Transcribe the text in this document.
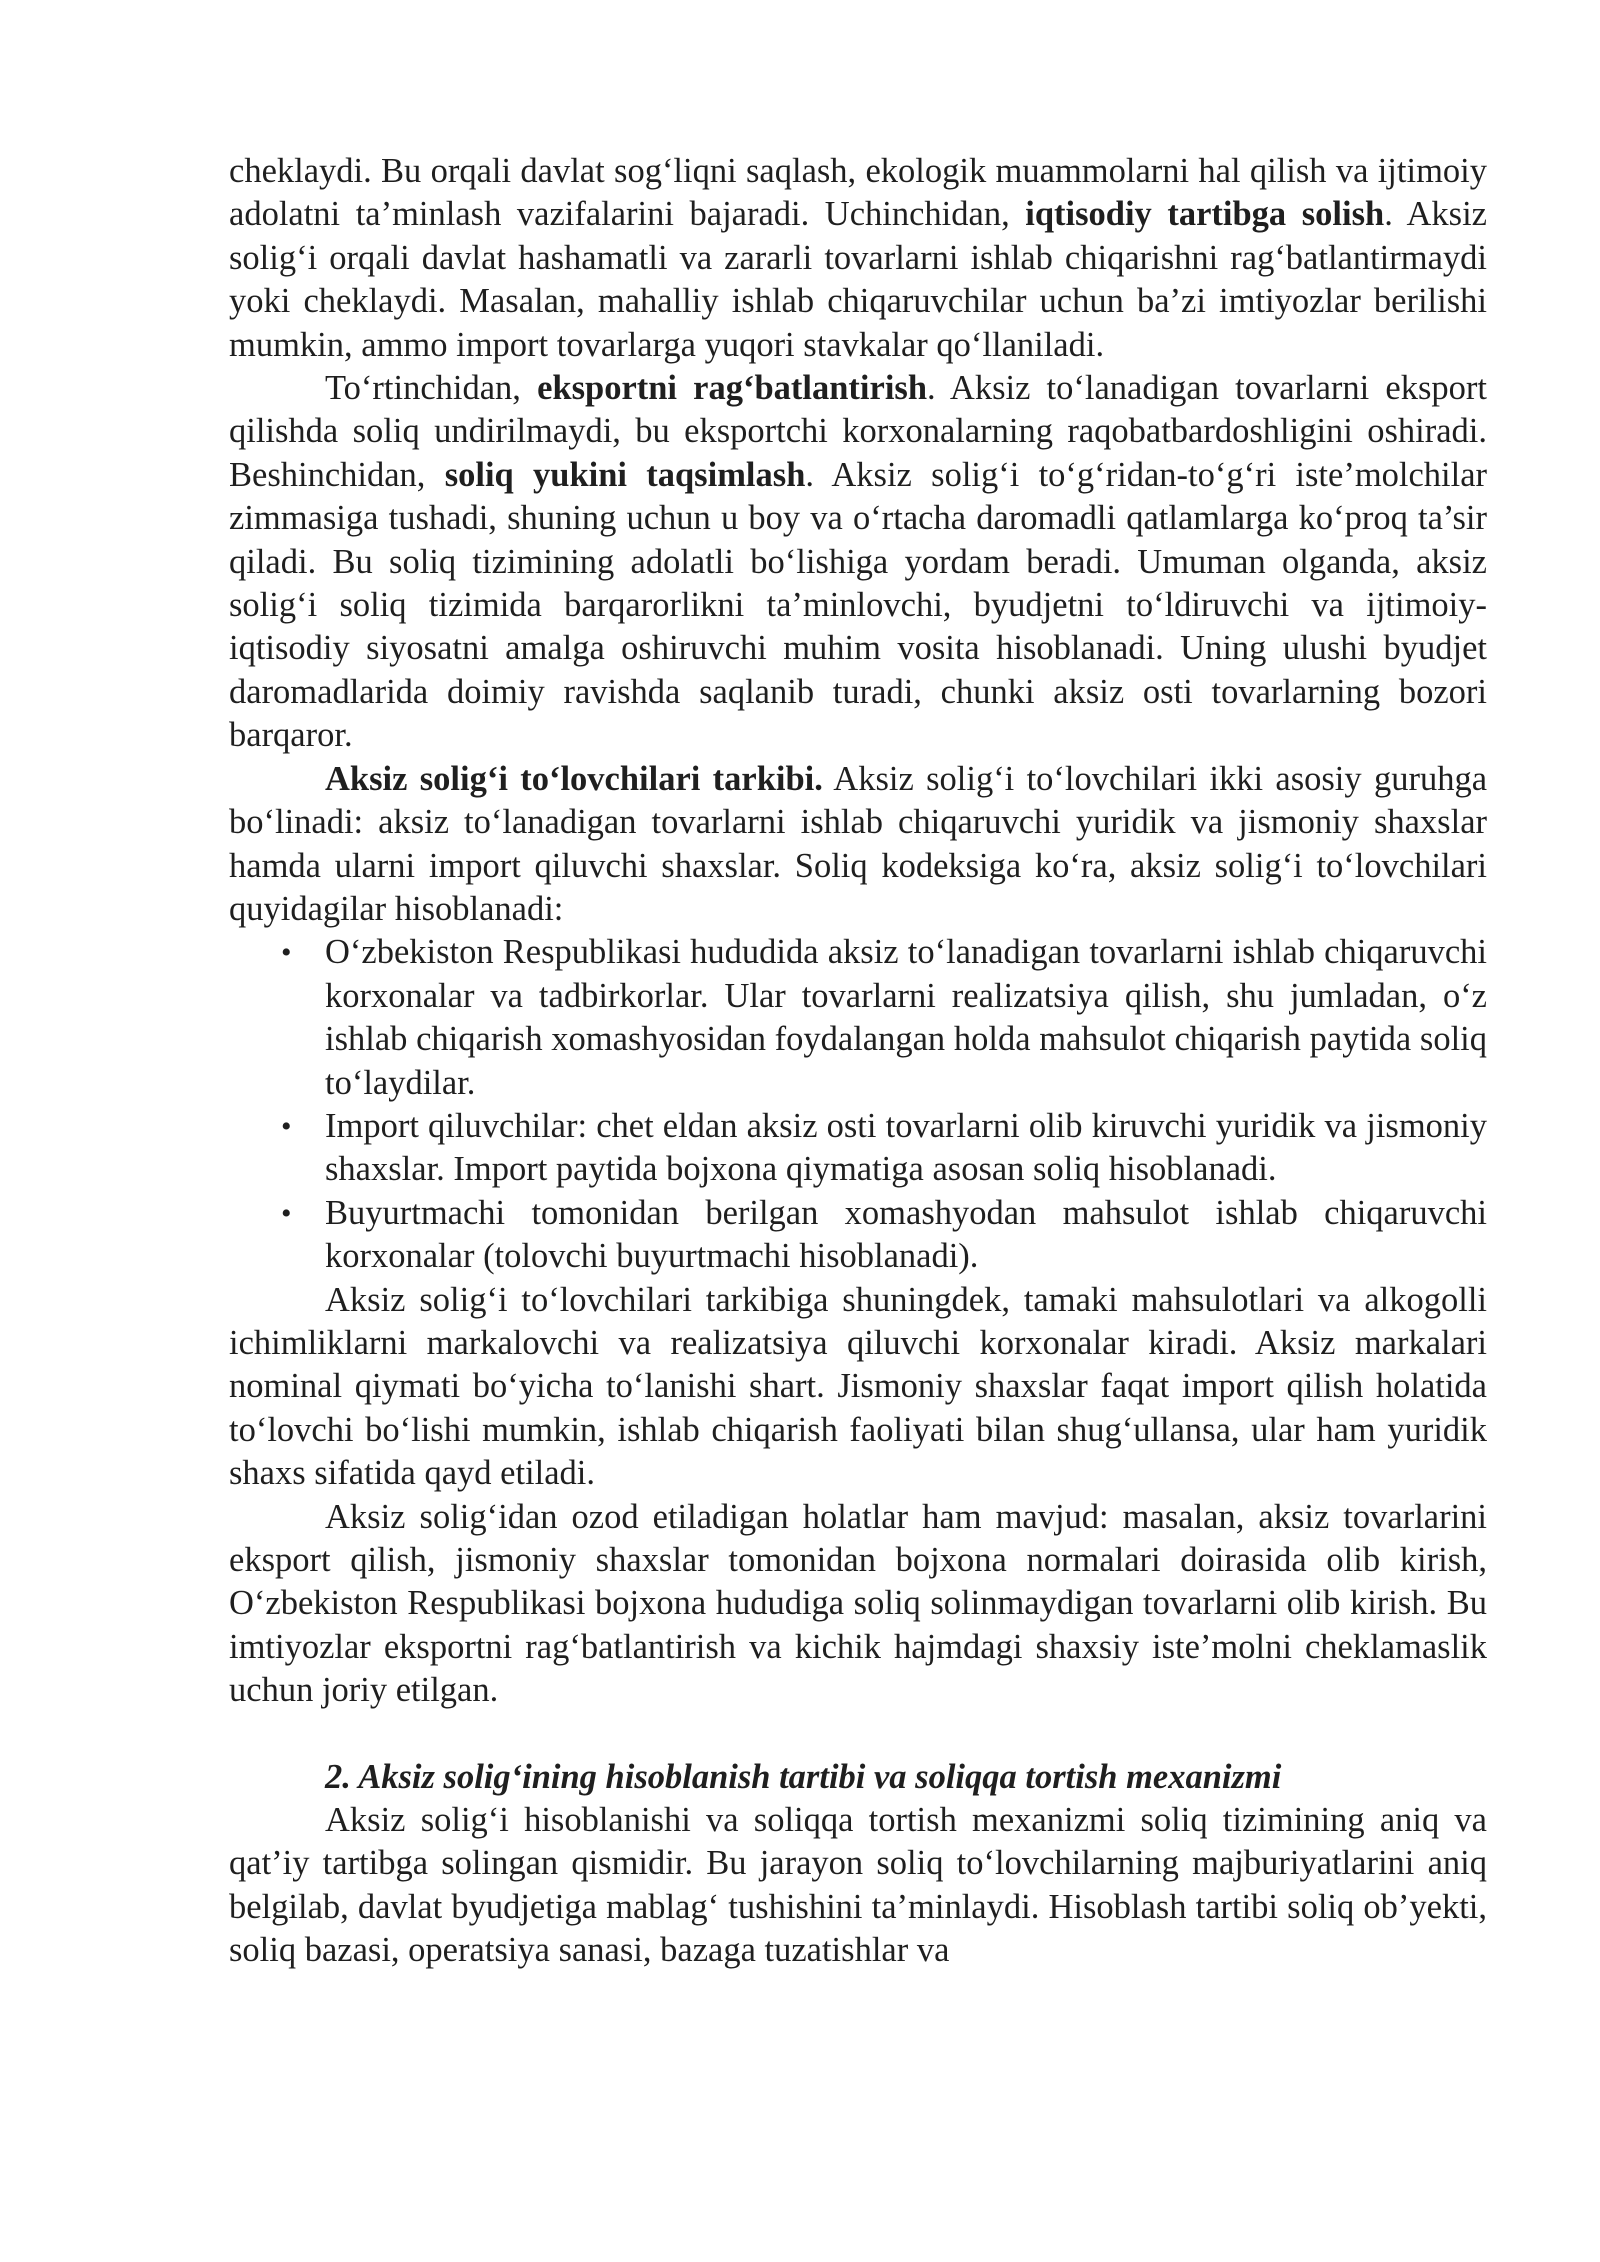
cheklaydi. Bu orqali davlat sog‘liqni saqlash, ekologik muammolarni hal qilish va ijtimoiy adolatni ta’minlash vazifalarini bajaradi. Uchinchidan, iqtisodiy tartibga solish. Aksiz solig‘i orqali davlat hashamatli va zararli tovarlarni ishlab chiqarishni rag‘batlantirmaydi yoki cheklaydi. Masalan, mahalliy ishlab chiqaruvchilar uchun ba’zi imtiyozlar berilishi mumkin, ammo import tovarlarga yuqori stavkalar qo‘llaniladi.

To‘rtinchidan, eksportni rag‘batlantirish. Aksiz to‘lanadigan tovarlarni eksport qilishda soliq undirilmaydi, bu eksportchi korxonalarning raqobatbardoshligini oshiradi. Beshinchidan, soliq yukini taqsimlash. Aksiz solig‘i to‘g‘ridan-to‘g‘ri iste’molchilar zimmasiga tushadi, shuning uchun u boy va o‘rtacha daromadli qatlamlarga ko‘proq ta’sir qiladi. Bu soliq tizimining adolatli bo‘lishiga yordam beradi. Umuman olganda, aksiz solig‘i soliq tizimida barqarorlikni ta’minlovchi, byudjetni to‘ldiruvchi va ijtimoiy-iqtisodiy siyosatni amalga oshiruvchi muhim vosita hisoblanadi. Uning ulushi byudjet daromadlarida doimiy ravishda saqlanib turadi, chunki aksiz osti tovarlarning bozori barqaror.

Aksiz solig‘i to‘lovchilari tarkibi. Aksiz solig‘i to‘lovchilari ikki asosiy guruhga bo‘linadi: aksiz to‘lanadigan tovarlarni ishlab chiqaruvchi yuridik va jismoniy shaxslar hamda ularni import qiluvchi shaxslar. Soliq kodeksiga ko‘ra, aksiz solig‘i to‘lovchilari quyidagilar hisoblanadi:

• O‘zbekiston Respublikasi hududida aksiz to‘lanadigan tovarlarni ishlab chiqaruvchi korxonalar va tadbirkorlar. Ular tovarlarni realizatsiya qilish, shu jumladan, o‘z ishlab chiqarish xomashyosidan foydalangan holda mahsulot chiqarish paytida soliq to‘laydilar.
• Import qiluvchilar: chet eldan aksiz osti tovarlarni olib kiruvchi yuridik va jismoniy shaxslar. Import paytida bojxona qiymatiga asosan soliq hisoblanadi.
• Buyurtmachi tomonidan berilgan xomashyodan mahsulot ishlab chiqaruvchi korxonalar (tolovchi buyurtmachi hisoblanadi).

Aksiz solig‘i to‘lovchilari tarkibiga shuningdek, tamaki mahsulotlari va alkogolli ichimliklarni markalovchi va realizatsiya qiluvchi korxonalar kiradi. Aksiz markalari nominal qiymati bo‘yicha to‘lanishi shart. Jismoniy shaxslar faqat import qilish holatida to‘lovchi bo‘lishi mumkin, ishlab chiqarish faoliyati bilan shug‘ullansa, ular ham yuridik shaxs sifatida qayd etiladi.

Aksiz solig‘idan ozod etiladigan holatlar ham mavjud: masalan, aksiz tovarlarini eksport qilish, jismoniy shaxslar tomonidan bojxona normalari doirasida olib kirish, O‘zbekiston Respublikasi bojxona hududiga soliq solinmaydigan tovarlarni olib kirish. Bu imtiyozlar eksportni rag‘batlantirish va kichik hajmdagi shaxsiy iste’molni cheklamaslik uchun joriy etilgan.

2. Aksiz solig‘ining hisoblanish tartibi va soliqqa tortish mexanizmi

Aksiz solig‘i hisoblanishi va soliqqa tortish mexanizmi soliq tizimining aniq va qat’iy tartibga solingan qismidir. Bu jarayon soliq to‘lovchilarning majburiyatlarini aniq belgilab, davlat byudjetiga mablag‘ tushishini ta’minlaydi. Hisoblash tartibi soliq ob’yekti, soliq bazasi, operatsiya sanasi, bazaga tuzatishlar va
